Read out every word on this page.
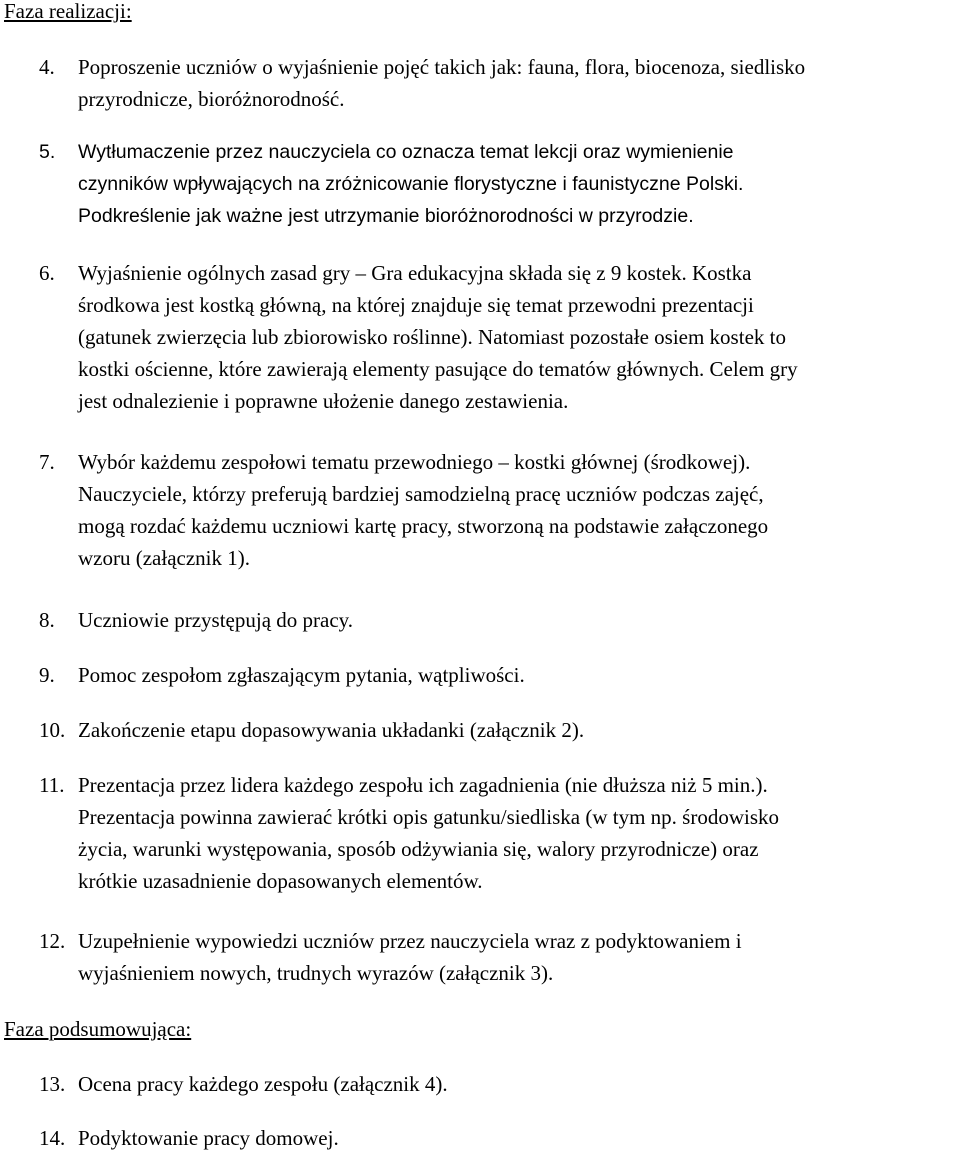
Faza realizacji:
4. Poproszenie uczniów o wyjaśnienie pojęć takich jak: fauna, flora, biocenoza, siedlisko
przyrodnicze, bioróżnorodność.
5. Wytłumaczenie przez nauczyciela co oznacza temat lekcji oraz wymienienie
czynników wpływających na zróżnicowanie florystyczne i faunistyczne Polski.
Podkreślenie jak ważne jest utrzymanie bioróżnorodności w przyrodzie.
6. Wyjaśnienie ogólnych zasad gry – Gra edukacyjna składa się z 9 kostek. Kostka
środkowa jest kostką główną, na której znajduje się temat przewodni prezentacji
(gatunek zwierzęcia lub zbiorowisko roślinne). Natomiast pozostałe osiem kostek to
kostki ościenne, które zawierają elementy pasujące do tematów głównych. Celem gry
jest odnalezienie i poprawne ułożenie danego zestawienia.
7. Wybór każdemu zespołowi tematu przewodniego – kostki głównej (środkowej).
Nauczyciele, którzy preferują bardziej samodzielną pracę uczniów podczas zajęć,
mogą rozdać każdemu uczniowi kartę pracy, stworzoną na podstawie załączonego
wzoru (załącznik 1).
8. Uczniowie przystępują do pracy.
9. Pomoc zespołom zgłaszającym pytania, wątpliwości.
10. Zakończenie etapu dopasowywania układanki (załącznik 2).
11. Prezentacja przez lidera każdego zespołu ich zagadnienia (nie dłuższa niż 5 min.).
Prezentacja powinna zawierać krótki opis gatunku/siedliska (w tym np. środowisko
życia, warunki występowania, sposób odżywiania się, walory przyrodnicze) oraz
krótkie uzasadnienie dopasowanych elementów.
12. Uzupełnienie wypowiedzi uczniów przez nauczyciela wraz z podyktowaniem i
wyjaśnieniem nowych, trudnych wyrazów (załącznik 3).
Faza podsumowująca:
13. Ocena pracy każdego zespołu (załącznik 4).
14. Podyktowanie pracy domowej.
